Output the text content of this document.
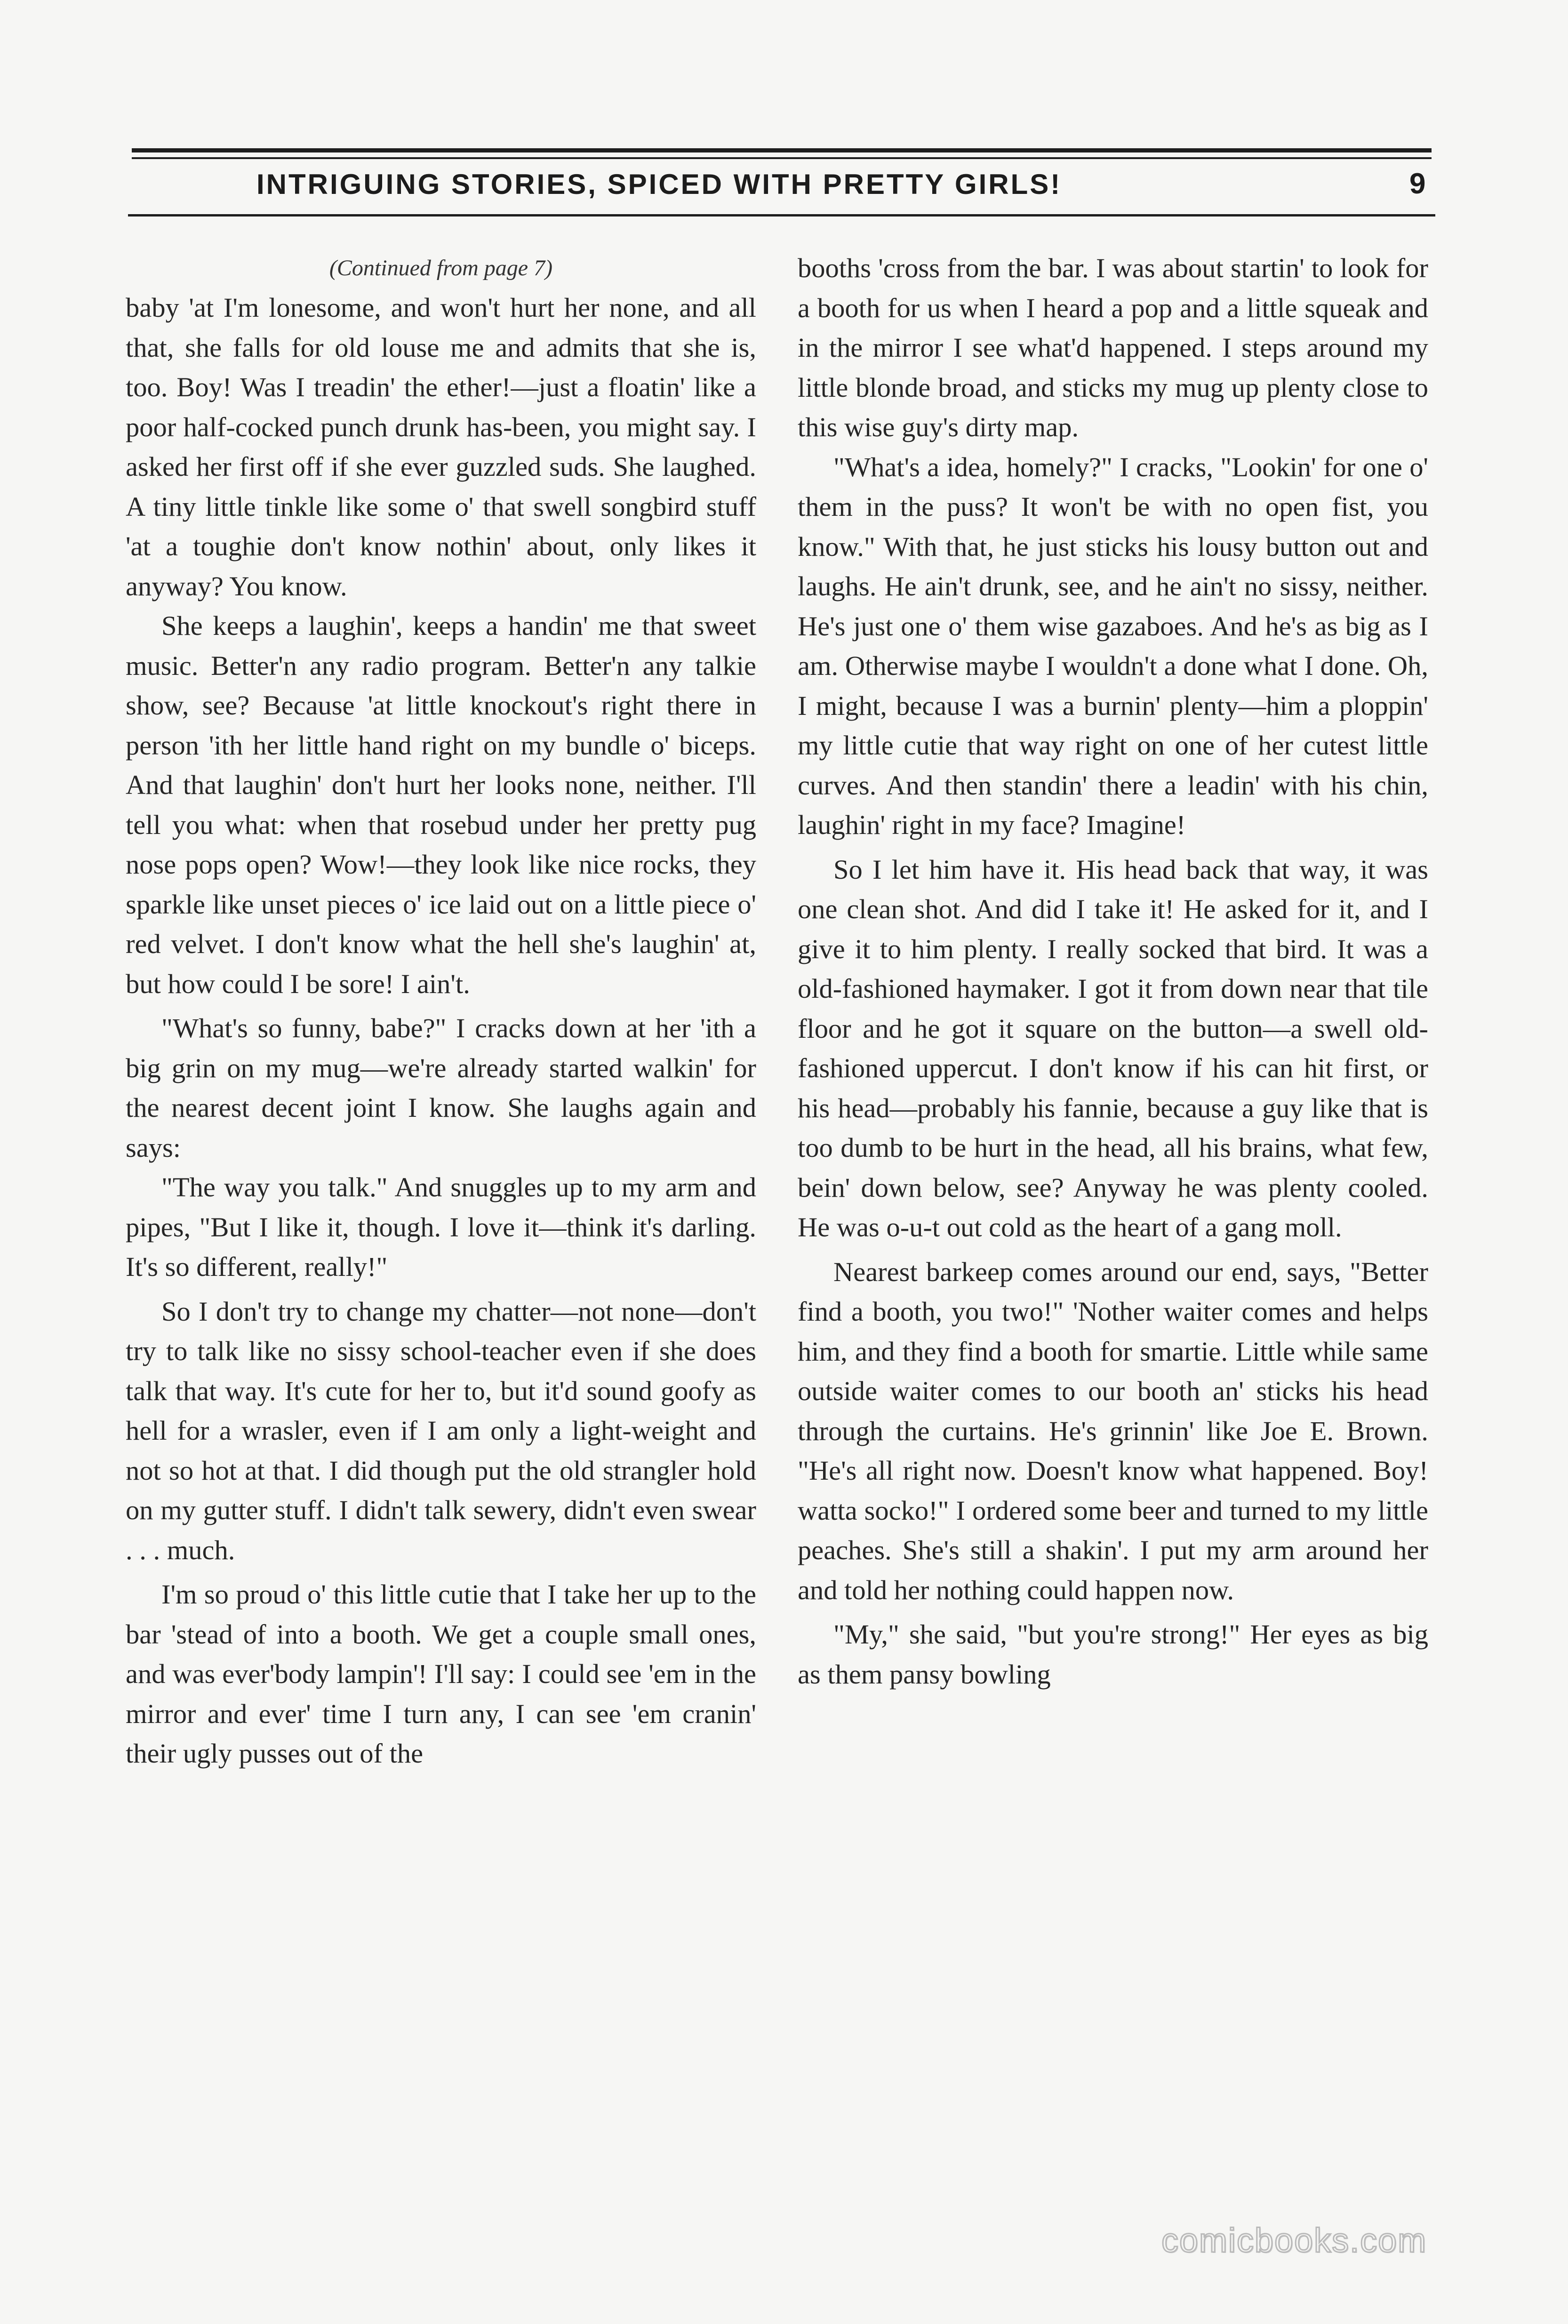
INTRIGUING STORIES, SPICED WITH PRETTY GIRLS!	9

(Continued from page 7)

baby 'at I'm lonesome, and won't hurt her none, and all that, she falls for old louse me and admits that she is, too. Boy! Was I treadin' the ether!—just a floatin' like a poor half-cocked punch drunk has-been, you might say. I asked her first off if she ever guzzled suds. She laughed. A tiny little tinkle like some o' that swell songbird stuff 'at a toughie don't know nothin' about, only likes it anyway? You know.

She keeps a laughin', keeps a handin' me that sweet music. Better'n any radio program. Better'n any talkie show, see? Because 'at little knockout's right there in person 'ith her little hand right on my bundle o' biceps. And that laughin' don't hurt her looks none, neither. I'll tell you what: when that rosebud under her pretty pug nose pops open? Wow!—they look like nice rocks, they sparkle like unset pieces o' ice laid out on a little piece o' red velvet. I don't know what the hell she's laughin' at, but how could I be sore! I ain't.

"What's so funny, babe?" I cracks down at her 'ith a big grin on my mug—we're already started walkin' for the nearest decent joint I know. She laughs again and says:

"The way you talk." And snuggles up to my arm and pipes, "But I like it, though. I love it—think it's darling. It's so different, really!"

So I don't try to change my chatter—not none—don't try to talk like no sissy school-teacher even if she does talk that way. It's cute for her to, but it'd sound goofy as hell for a wrasler, even if I am only a light-weight and not so hot at that. I did though put the old strangler hold on my gutter stuff. I didn't talk sewery, didn't even swear . . . much.

I'm so proud o' this little cutie that I take her up to the bar 'stead of into a booth. We get a couple small ones, and was ever'body lampin'! I'll say: I could see 'em in the mirror and ever' time I turn any, I can see 'em cranin' their ugly pusses out of the

booths 'cross from the bar. I was about startin' to look for a booth for us when I heard a pop and a little squeak and in the mirror I see what'd happened. I steps around my little blonde broad, and sticks my mug up plenty close to this wise guy's dirty map.

"What's a idea, homely?" I cracks, "Lookin' for one o' them in the puss? It won't be with no open fist, you know." With that, he just sticks his lousy button out and laughs. He ain't drunk, see, and he ain't no sissy, neither. He's just one o' them wise gazaboes. And he's as big as I am. Otherwise maybe I wouldn't a done what I done. Oh, I might, because I was a burnin' plenty—him a ploppin' my little cutie that way right on one of her cutest little curves. And then standin' there a leadin' with his chin, laughin' right in my face? Imagine!

So I let him have it. His head back that way, it was one clean shot. And did I take it! He asked for it, and I give it to him plenty. I really socked that bird. It was a old-fashioned haymaker. I got it from down near that tile floor and he got it square on the button—a swell old-fashioned uppercut. I don't know if his can hit first, or his head—probably his fannie, because a guy like that is too dumb to be hurt in the head, all his brains, what few, bein' down below, see? Anyway he was plenty cooled. He was o-u-t out cold as the heart of a gang moll.

Nearest barkeep comes around our end, says, "Better find a booth, you two!" 'Nother waiter comes and helps him, and they find a booth for smartie. Little while same outside waiter comes to our booth an' sticks his head through the curtains. He's grinnin' like Joe E. Brown. "He's all right now. Doesn't know what happened. Boy! watta socko!" I ordered some beer and turned to my little peaches. She's still a shakin'. I put my arm around her and told her nothing could happen now.

"My," she said, "but you're strong!" Her eyes as big as them pansy bowling

comicbooks.com
